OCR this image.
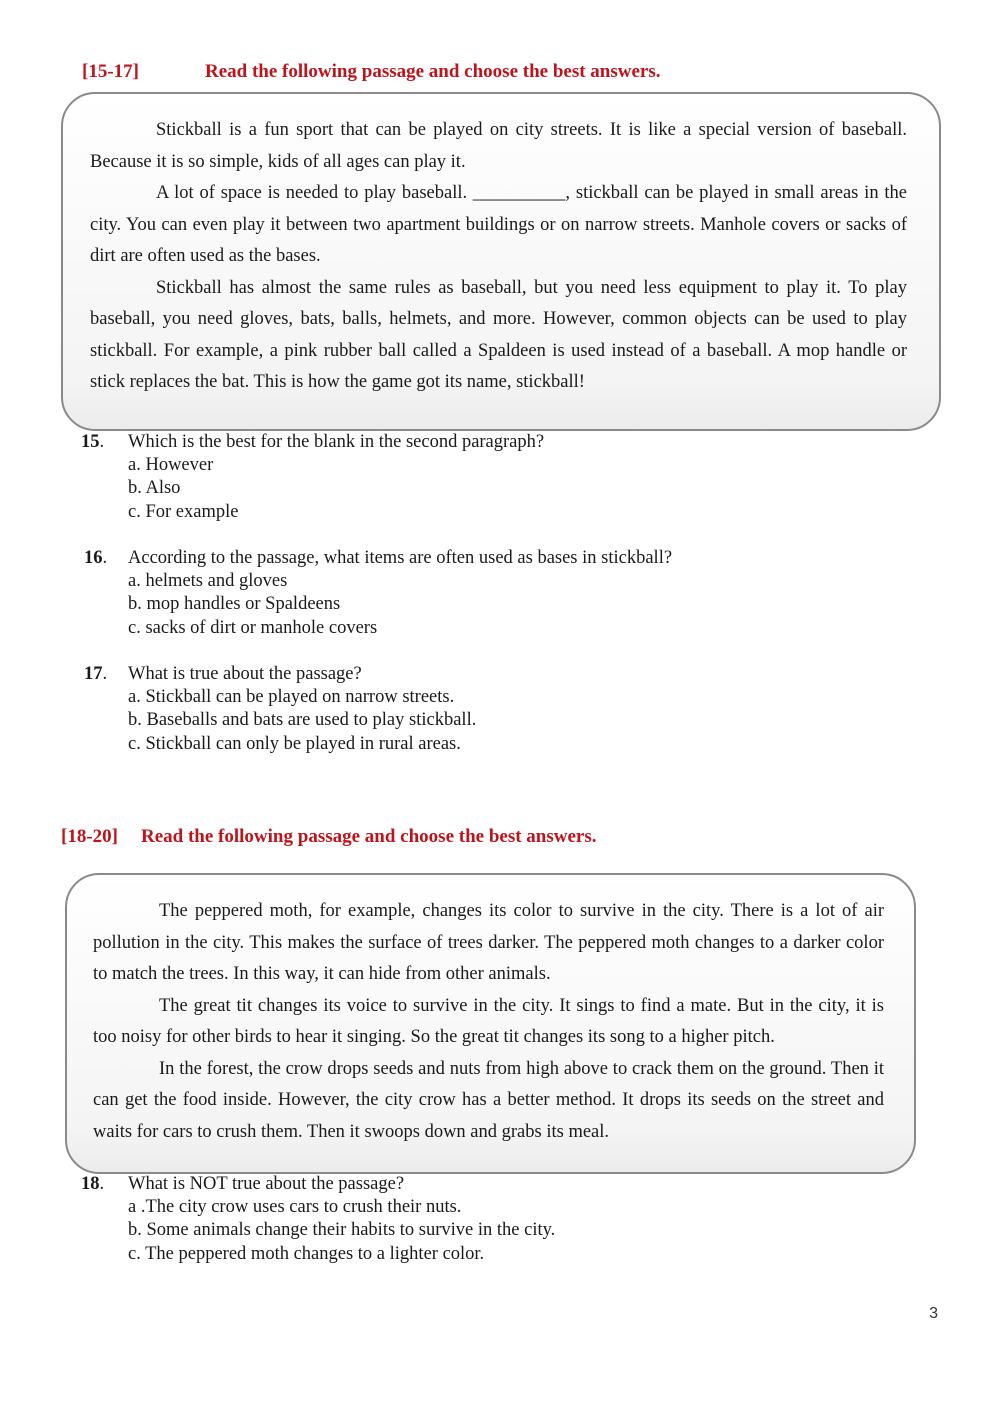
[15-17]	Read the following passage and choose the best answers.

Stickball is a fun sport that can be played on city streets. It is like a special version of baseball. Because it is so simple, kids of all ages can play it.

A lot of space is needed to play baseball. __________, stickball can be played in small areas in the city. You can even play it between two apartment buildings or on narrow streets. Manhole covers or sacks of dirt are often used as the bases.

Stickball has almost the same rules as baseball, but you need less equipment to play it. To play baseball, you need gloves, bats, balls, helmets, and more. However, common objects can be used to play stickball. For example, a pink rubber ball called a Spaldeen is used instead of a baseball. A mop handle or stick replaces the bat. This is how the game got its name, stickball!

15. Which is the best for the blank in the second paragraph?
a. However
b. Also
c. For example
16. According to the passage, what items are often used as bases in stickball?
a. helmets and gloves
b. mop handles or Spaldeens
c. sacks of dirt or manhole covers
17. What is true about the passage?
a. Stickball can be played on narrow streets.
b. Baseballs and bats are used to play stickball.
c. Stickball can only be played in rural areas.
[18-20] Read the following passage and choose the best answers.

The peppered moth, for example, changes its color to survive in the city. There is a lot of air pollution in the city. This makes the surface of trees darker. The peppered moth changes to a darker color to match the trees. In this way, it can hide from other animals.

The great tit changes its voice to survive in the city. It sings to find a mate. But in the city, it is too noisy for other birds to hear it singing. So the great tit changes its song to a higher pitch.

In the forest, the crow drops seeds and nuts from high above to crack them on the ground. Then it can get the food inside. However, the city crow has a better method. It drops its seeds on the street and waits for cars to crush them. Then it swoops down and grabs its meal.

18. What is NOT true about the passage?
a .The city crow uses cars to crush their nuts.
b. Some animals change their habits to survive in the city.
c. The peppered moth changes to a lighter color.
3
